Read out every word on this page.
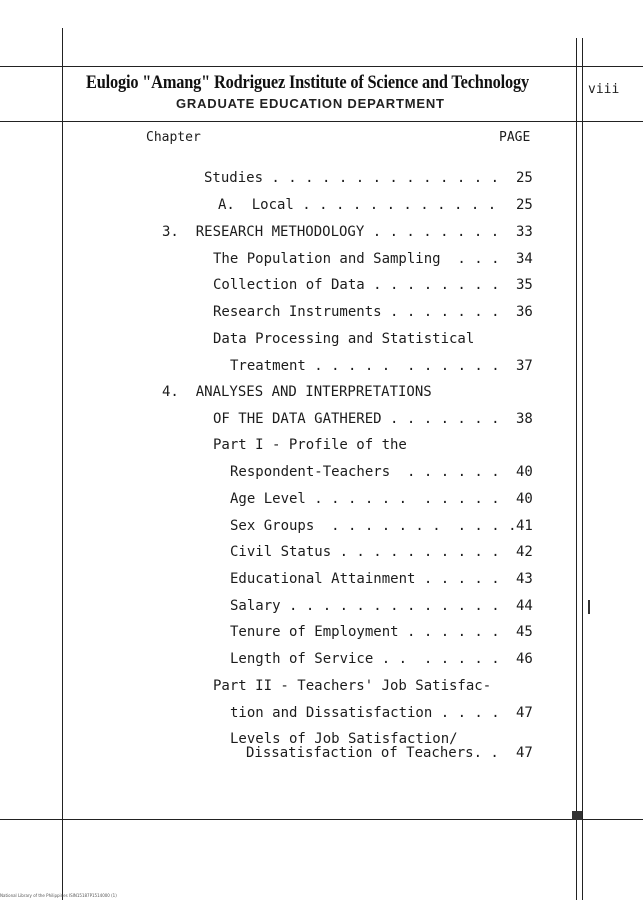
Eulogio "Amang" Rodriguez Institute of Science and Technology
GRADUATE EDUCATION DEPARTMENT
viii
Chapter	PAGE
Studies . . . . . . . . . . . . . . 25
A.  Local . . . . . . . . . . . . 25
3.  RESEARCH METHODOLOGY . . . . . . . . 33
The Population and Sampling  . . . 34
Collection of Data . . . . . . . . 35
Research Instruments . . . . . . . 36
Data Processing and Statistical
Treatment . . . . .  . . . . . . 37
4.  ANALYSES AND INTERPRETATIONS
OF THE DATA GATHERED . . . . . . . 38
Part I - Profile of the
Respondent-Teachers  . . . . . . 40
Age Level . . . . . .  . . . . . 40
Sex Groups  . . . . . . .  . . . . 41
Civil Status . . . . . . . . . . 42
Educational Attainment . . . . . 43
Salary . . . . . . . . . . . . . 44
Tenure of Employment . . . . . . 45
Length of Service . .  . . . . . 46
Part II - Teachers' Job Satisfac-
tion and Dissatisfaction . . . . 47
Levels of Job Satisfaction/
Dissatisfaction of Teachers. . 47
National Library of the Philippines ISIN15187P1514000 (1)
